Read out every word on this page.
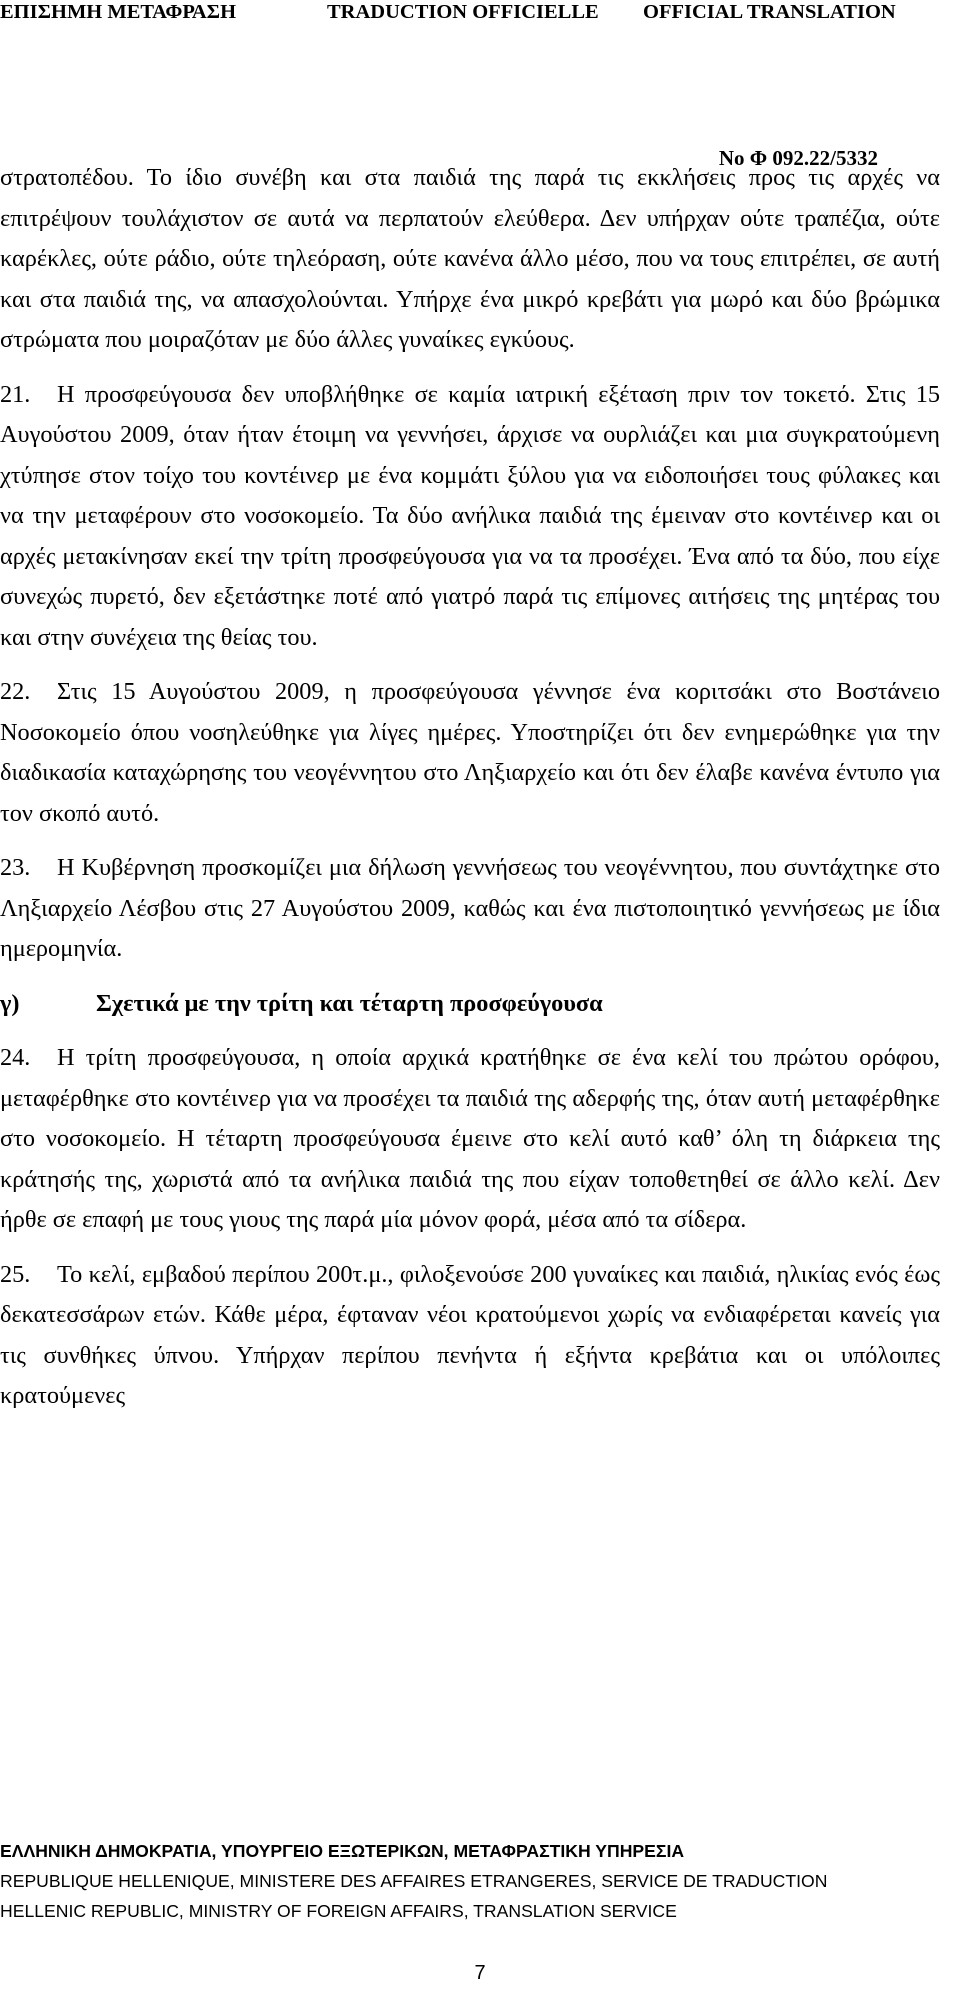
ΕΠΙΣΗΜΗ ΜΕΤΑΦΡΑΣΗ

	TRADUCTION OFFICIELLE

OFFICIAL TRANSLATION

No Φ 092.22/5332

στρατοπέδου. Το ίδιο συνέβη και στα παιδιά της παρά τις εκκλήσεις προς τις αρχές να επιτρέψουν τουλάχιστον σε αυτά να περπατούν ελεύθερα. Δεν υπήρχαν ούτε τραπέζια, ούτε καρέκλες, ούτε ράδιο, ούτε τηλεόραση, ούτε κανένα άλλο μέσο, που να τους επιτρέπει, σε αυτή και στα παιδιά της, να απασχολούνται. Υπήρχε ένα μικρό κρεβάτι για μωρό και δύο βρώμικα στρώματα που μοιραζόταν με δύο άλλες γυναίκες εγκύους.

21. Η προσφεύγουσα δεν υποβλήθηκε σε καμία ιατρική εξέταση πριν τον τοκετό. Στις 15 Αυγούστου 2009, όταν ήταν έτοιμη να γεννήσει, άρχισε να ουρλιάζει και μια συγκρατούμενη χτύπησε στον τοίχο του κοντέινερ με ένα κομμάτι ξύλου για να ειδοποιήσει τους φύλακες και να την μεταφέρουν στο νοσοκομείο. Τα δύο ανήλικα παιδιά της έμειναν στο κοντέινερ και οι αρχές μετακίνησαν εκεί την τρίτη προσφεύγουσα για να τα προσέχει. Ένα από τα δύο, που είχε συνεχώς πυρετό, δεν εξετάστηκε ποτέ από γιατρό παρά τις επίμονες αιτήσεις της μητέρας του και στην συνέχεια της θείας του.

22. Στις 15 Αυγούστου 2009, η προσφεύγουσα γέννησε ένα κοριτσάκι στο Βοστάνειο Νοσοκομείο όπου νοσηλεύθηκε για λίγες ημέρες. Υποστηρίζει ότι δεν ενημερώθηκε για την διαδικασία καταχώρησης του νεογέννητου στο Ληξιαρχείο και ότι δεν έλαβε κανένα έντυπο για τον σκοπό αυτό.

23. Η Κυβέρνηση προσκομίζει μια δήλωση γεννήσεως του νεογέννητου, που συντάχτηκε στο Ληξιαρχείο Λέσβου στις 27 Αυγούστου 2009, καθώς και ένα πιστοποιητικό γεννήσεως με ίδια ημερομηνία.

γ)	Σχετικά με την τρίτη και τέταρτη προσφεύγουσα

24. Η τρίτη προσφεύγουσα, η οποία αρχικά κρατήθηκε σε ένα κελί του πρώτου ορόφου, μεταφέρθηκε στο κοντέινερ για να προσέχει τα παιδιά της αδερφής της, όταν αυτή μεταφέρθηκε στο νοσοκομείο. Η τέταρτη προσφεύγουσα έμεινε στο κελί αυτό καθ’ όλη τη διάρκεια της κράτησής της, χωριστά από τα ανήλικα παιδιά της που είχαν τοποθετηθεί σε άλλο κελί. Δεν ήρθε σε επαφή με τους γιους της παρά μία μόνον φορά, μέσα από τα σίδερα.

25. Το κελί, εμβαδού περίπου 200τ.μ., φιλοξενούσε 200 γυναίκες και παιδιά, ηλικίας ενός έως δεκατεσσάρων ετών. Κάθε μέρα, έφταναν νέοι κρατούμενοι χωρίς να ενδιαφέρεται κανείς για τις συνθήκες ύπνου. Υπήρχαν περίπου πενήντα ή εξήντα κρεβάτια και οι υπόλοιπες κρατούμενες

ΕΛΛΗΝΙΚΗ ΔΗΜΟΚΡΑΤΙΑ, ΥΠΟΥΡΓΕΙΟ ΕΞΩΤΕΡΙΚΩΝ, ΜΕΤΑΦΡΑΣΤΙΚΗ ΥΠΗΡΕΣΙΑ
REPUBLIQUE HELLENIQUE, MINISTERE DES AFFAIRES ETRANGERES, SERVICE DE TRADUCTION
HELLENIC REPUBLIC, MINISTRY OF FOREIGN AFFAIRS, TRANSLATION SERVICE
7
